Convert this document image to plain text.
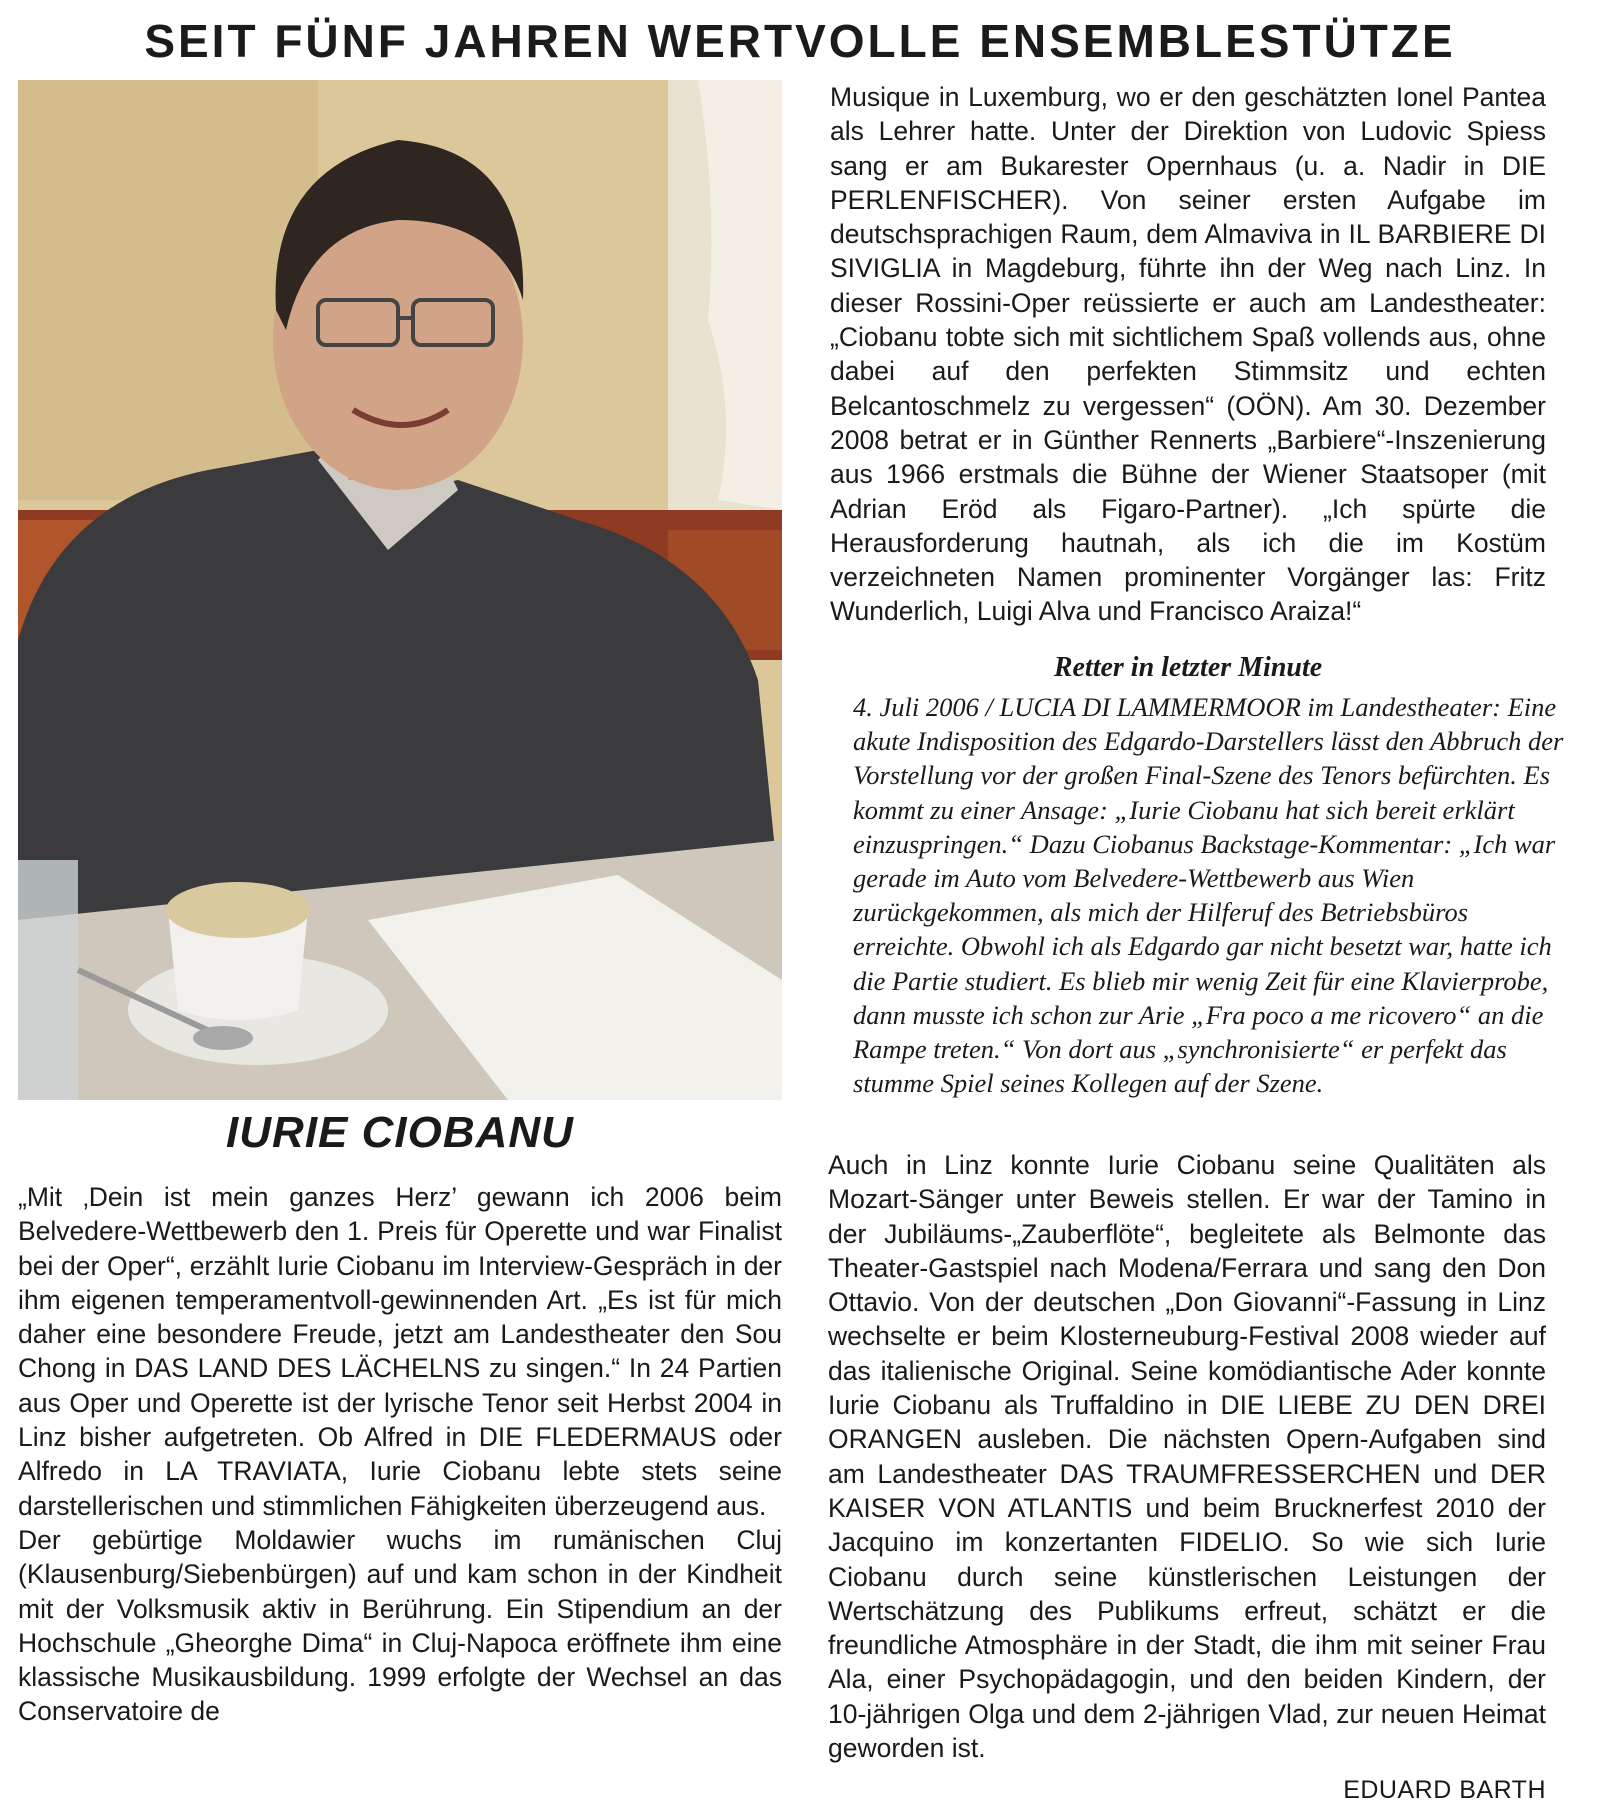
SEIT FÜNF JAHREN WERTVOLLE ENSEMBLESTÜTZE
IURIE CIOBANU

„Mit ‚Dein ist mein ganzes Herz’ gewann ich 2006 beim Belvedere-Wettbewerb den 1. Preis für Operette und war Finalist bei der Oper“, erzählt Iurie Ciobanu im Interview-Gespräch in der ihm eigenen temperamentvoll-gewinnenden Art. „Es ist für mich daher eine besondere Freude, jetzt am Landestheater den Sou Chong in DAS LAND DES LÄCHELNS zu singen.“ In 24 Partien aus Oper und Operette ist der lyrische Tenor seit Herbst 2004 in Linz bisher aufgetreten. Ob Alfred in DIE FLEDERMAUS oder Alfredo in LA TRAVIATA, Iurie Ciobanu lebte stets seine darstellerischen und stimmlichen Fähigkeiten überzeugend aus.

Der gebürtige Moldawier wuchs im rumänischen Cluj (Klausenburg/Siebenbürgen) auf und kam schon in der Kindheit mit der Volksmusik aktiv in Berührung. Ein Stipendium an der Hochschule „Gheorghe Dima“ in Cluj-Napoca eröffnete ihm eine klassische Musikausbildung. 1999 erfolgte der Wechsel an das Conservatoire de

Musique in Luxemburg, wo er den geschätzten Ionel Pantea als Lehrer hatte. Unter der Direktion von Ludovic Spiess sang er am Bukarester Opernhaus (u. a. Nadir in DIE PERLENFISCHER). Von seiner ersten Aufgabe im deutschsprachigen Raum, dem Almaviva in IL BARBIERE DI SIVIGLIA in Magdeburg, führte ihn der Weg nach Linz. In dieser Rossini-Oper reüssierte er auch am Landestheater: „Ciobanu tobte sich mit sichtlichem Spaß vollends aus, ohne dabei auf den perfekten Stimmsitz und echten Belcantoschmelz zu vergessen“ (OÖN). Am 30. Dezember 2008 betrat er in Günther Rennerts „Barbiere“-Inszenierung aus 1966 erstmals die Bühne der Wiener Staatsoper (mit Adrian Eröd als Figaro-Partner). „Ich spürte die Herausforderung hautnah, als ich die im Kostüm verzeichneten Namen prominenter Vorgänger las: Fritz Wunderlich, Luigi Alva und Francisco Araiza!“

Retter in letzter Minute
4. Juli 2006 / LUCIA DI LAMMERMOOR im Landestheater: Eine akute Indisposition des Edgardo-Darstellers lässt den Abbruch der Vorstellung vor der großen Final-Szene des Tenors befürchten. Es kommt zu einer Ansage: „Iurie Ciobanu hat sich bereit erklärt einzuspringen.“ Dazu Ciobanus Backstage-Kommentar: „Ich war gerade im Auto vom Belvedere-Wettbewerb aus Wien zurückgekommen, als mich der Hilferuf des Betriebsbüros erreichte. Obwohl ich als Edgardo gar nicht besetzt war, hatte ich die Partie studiert. Es blieb mir wenig Zeit für eine Klavierprobe, dann musste ich schon zur Arie „Fra poco a me ricovero“ an die Rampe treten.“ Von dort aus „synchronisierte“ er perfekt das stumme Spiel seines Kollegen auf der Szene.

Auch in Linz konnte Iurie Ciobanu seine Qualitäten als Mozart-Sänger unter Beweis stellen. Er war der Tamino in der Jubiläums-„Zauberflöte“, begleitete als Belmonte das Theater-Gastspiel nach Modena/Ferrara und sang den Don Ottavio. Von der deutschen „Don Giovanni“-Fassung in Linz wechselte er beim Klosterneuburg-Festival 2008 wieder auf das italienische Original. Seine komödiantische Ader konnte Iurie Ciobanu als Truffaldino in DIE LIEBE ZU DEN DREI ORANGEN ausleben. Die nächsten Opern-Aufgaben sind am Landestheater DAS TRAUMFRESSERCHEN und DER KAISER VON ATLANTIS und beim Brucknerfest 2010 der Jacquino im konzertanten FIDELIO. So wie sich Iurie Ciobanu durch seine künstlerischen Leistungen der Wertschätzung des Publikums erfreut, schätzt er die freundliche Atmosphäre in der Stadt, die ihm mit seiner Frau Ala, einer Psychopädagogin, und den beiden Kindern, der 10-jährigen Olga und dem 2-jährigen Vlad, zur neuen Heimat geworden ist.

EDUARD BARTH
